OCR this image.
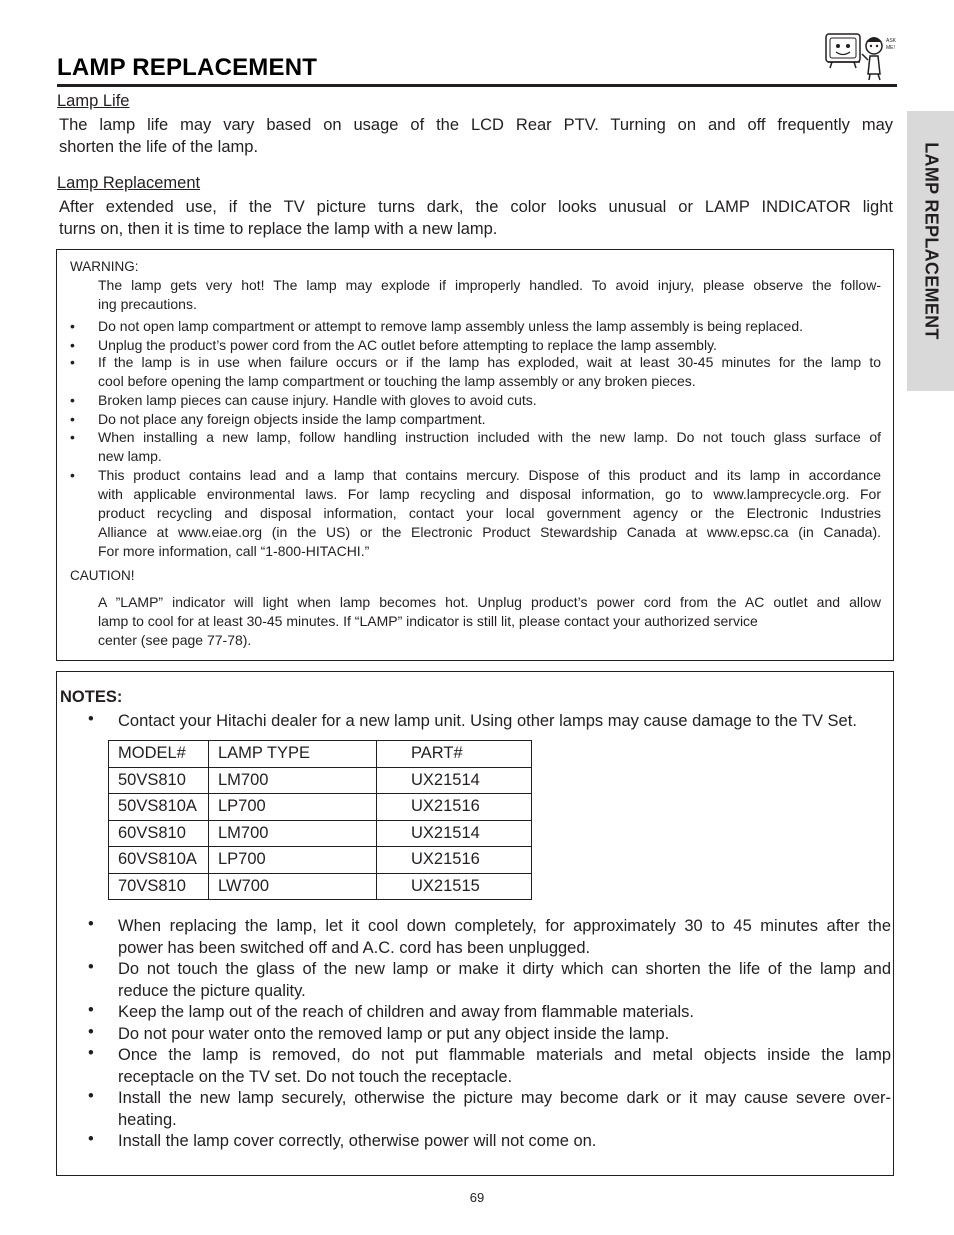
LAMP REPLACEMENT
ASK
ME!
LAMP REPLACEMENT
Lamp Life
The lamp life may vary based on usage of the LCD Rear PTV. Turning on and off frequently may
shorten the life of the lamp.
Lamp Replacement
After extended use, if the TV picture turns dark, the color looks unusual or LAMP INDICATOR light
turns on, then it is time to replace the lamp with a new lamp.
WARNING:
The lamp gets very hot! The lamp may explode if improperly handled. To avoid injury, please observe the follow-
ing precautions.
• Do not open lamp compartment or attempt to remove lamp assembly unless the lamp assembly is being replaced.
• Unplug the product’s power cord from the AC outlet before attempting to replace the lamp assembly.
• If the lamp is in use when failure occurs or if the lamp has exploded, wait at least 30-45 minutes for the lamp to
cool before opening the lamp compartment or touching the lamp assembly or any broken pieces.
• Broken lamp pieces can cause injury. Handle with gloves to avoid cuts.
• Do not place any foreign objects inside the lamp compartment.
• When installing a new lamp, follow handling instruction included with the new lamp. Do not touch glass surface of
new lamp.
• This product contains lead and a lamp that contains mercury. Dispose of this product and its lamp in accordance
with applicable environmental laws. For lamp recycling and disposal information, go to www.lamprecycle.org. For
product recycling and disposal information, contact your local government agency or the Electronic Industries
Alliance at www.eiae.org (in the US) or the Electronic Product Stewardship Canada at www.epsc.ca (in Canada).
For more information, call “1-800-HITACHI.”
CAUTION!
A ”LAMP” indicator will light when lamp becomes hot. Unplug product’s power cord from the AC outlet and allow
lamp to cool for at least 30-45 minutes. If “LAMP” indicator is still lit, please contact your authorized service
center (see page 77-78).
NOTES:
• Contact your Hitachi dealer for a new lamp unit. Using other lamps may cause damage to the TV Set.
MODEL#	LAMP TYPE	PART#
50VS810	LM700	UX21514
50VS810A	LP700	UX21516
60VS810	LM700	UX21514
60VS810A	LP700	UX21516
70VS810	LW700	UX21515
• When replacing the lamp, let it cool down completely, for approximately 30 to 45 minutes after the
power has been switched off and A.C. cord has been unplugged.
• Do not touch the glass of the new lamp or make it dirty which can shorten the life of the lamp and
reduce the picture quality.
• Keep the lamp out of the reach of children and away from flammable materials.
• Do not pour water onto the removed lamp or put any object inside the lamp.
• Once the lamp is removed, do not put flammable materials and metal objects inside the lamp
receptacle on the TV set. Do not touch the receptacle.
• Install the new lamp securely, otherwise the picture may become dark or it may cause severe over-
heating.
• Install the lamp cover correctly, otherwise power will not come on.
69
